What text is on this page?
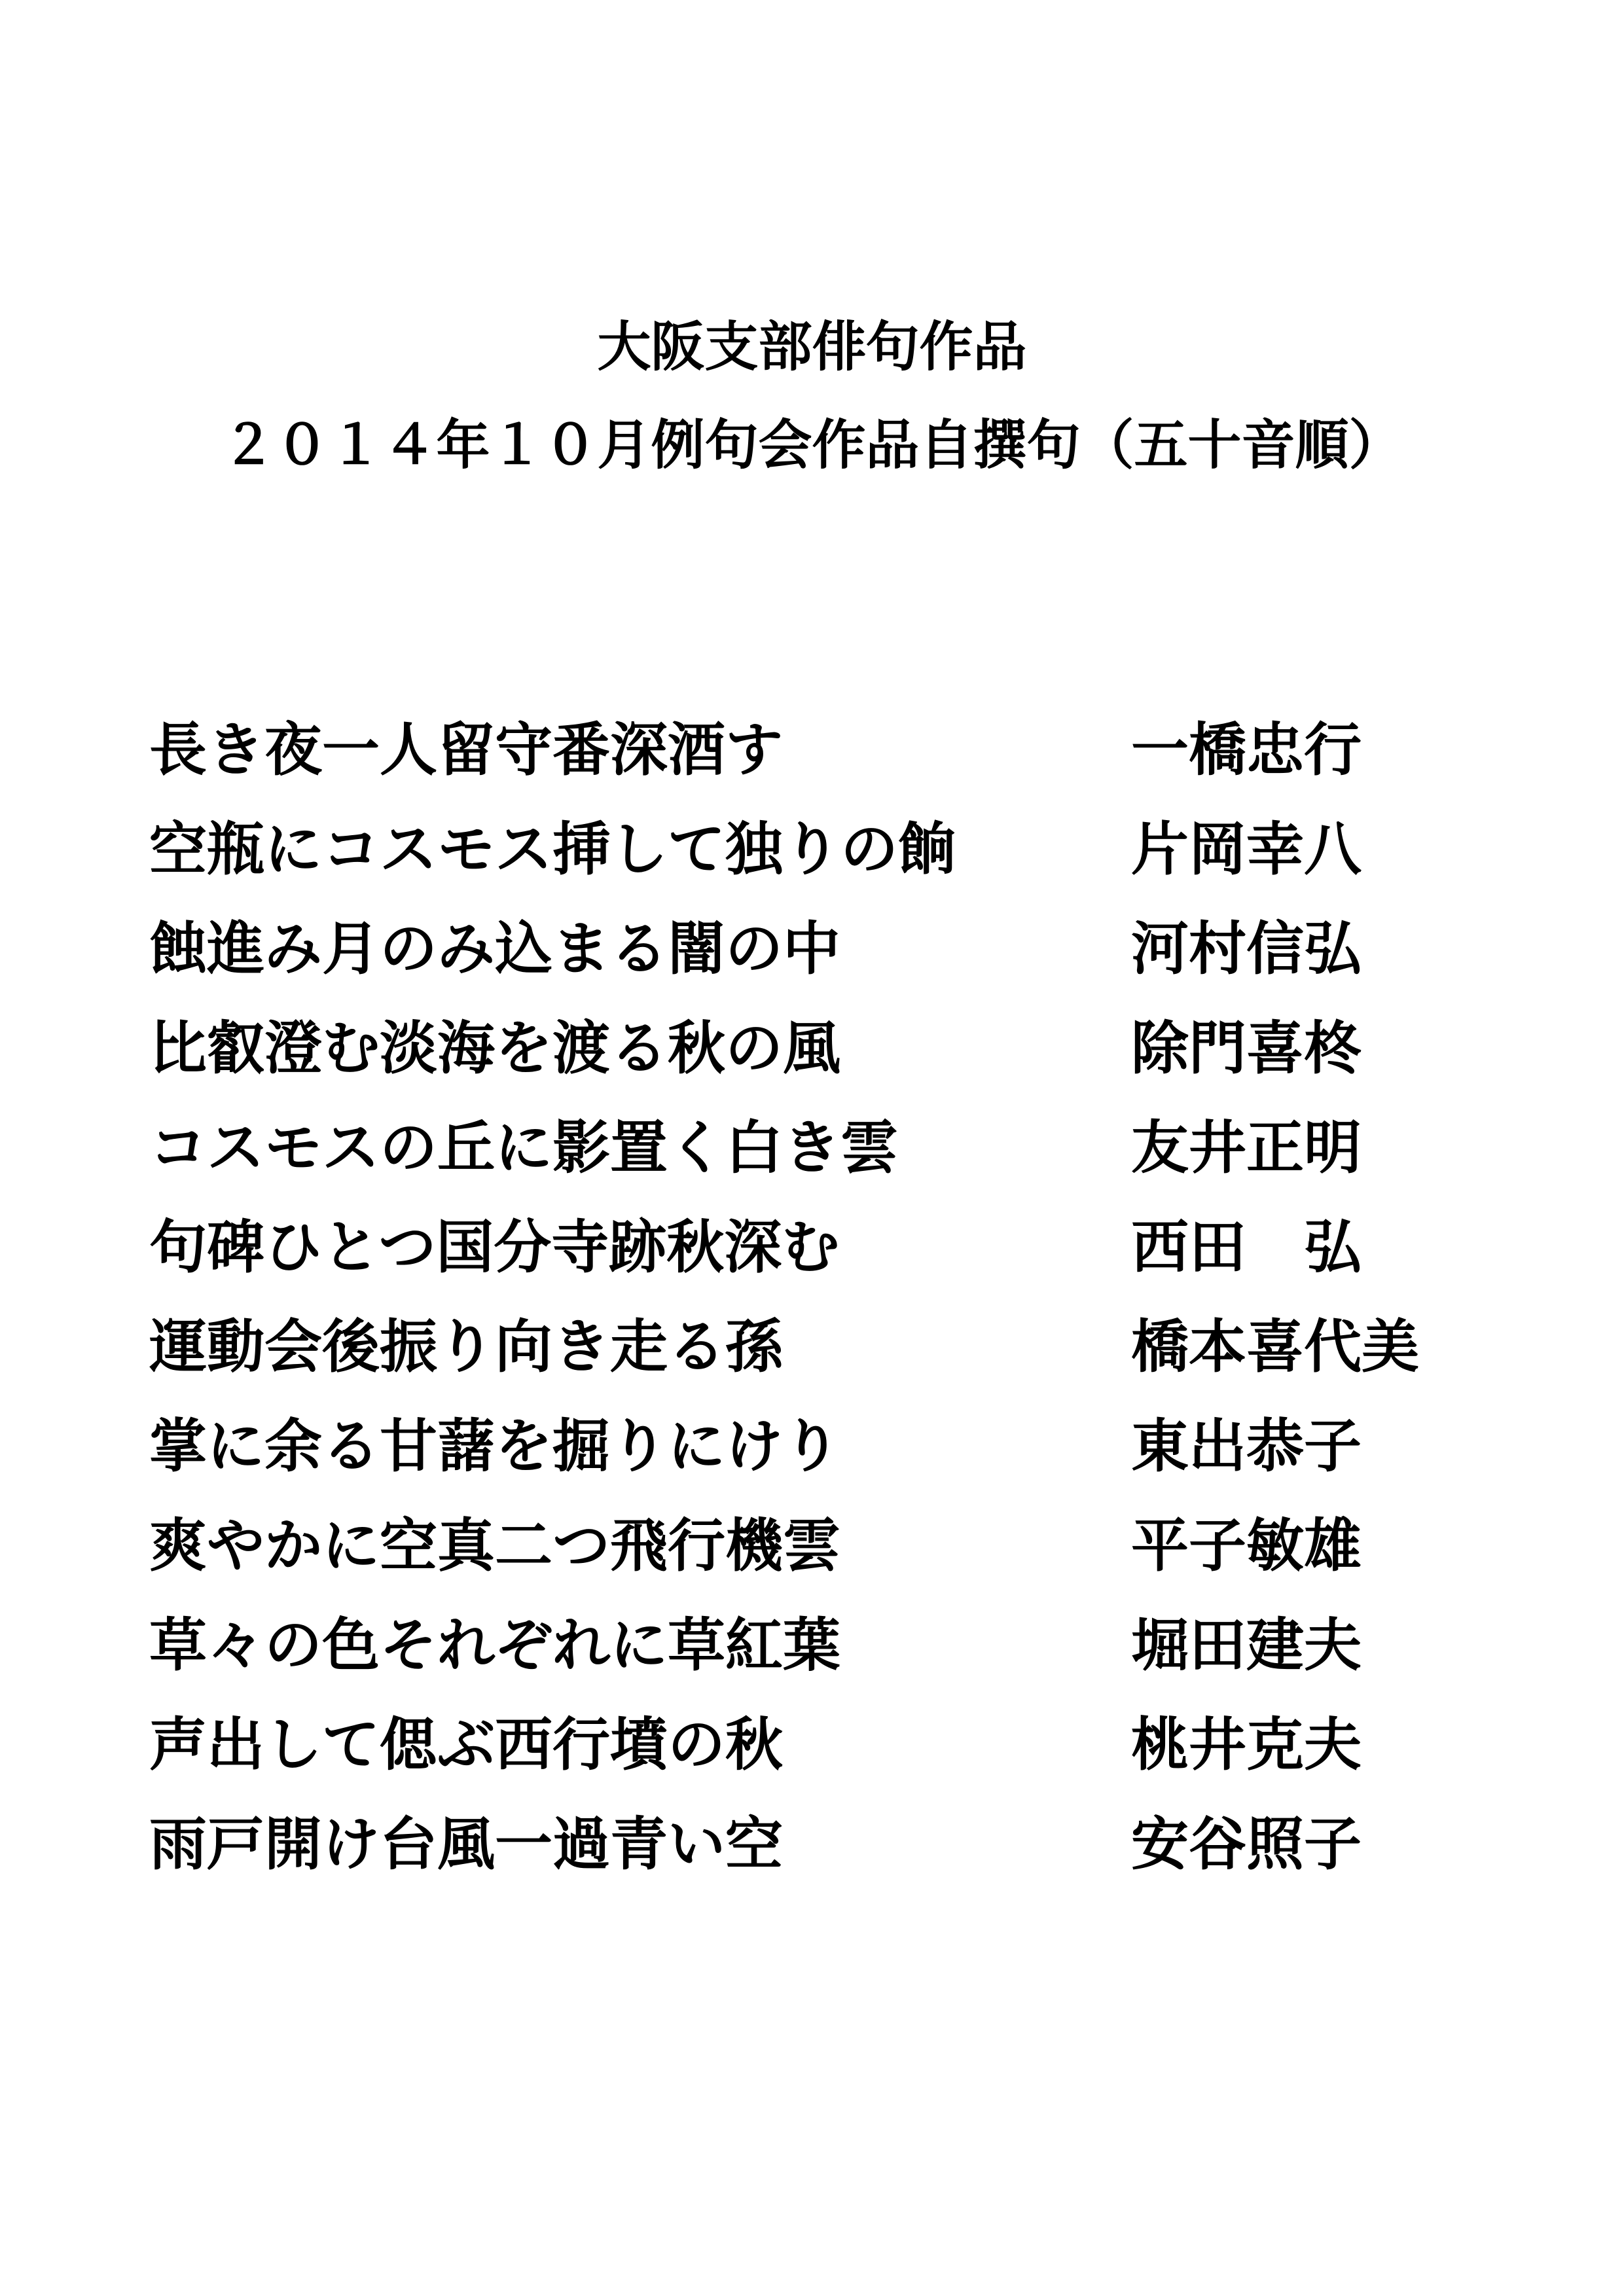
大阪支部俳句作品
２０１４年１０月例句会作品自撰句（五十音順）
長き夜一人留守番深酒す	一橋忠行
空瓶にコスモス挿して独りの餉	片岡幸八
蝕進み月のみ込まる闇の中	河村信弘
比叡澄む淡海を渡る秋の風	除門喜柊
コスモスの丘に影置く白き雲	友井正明
句碑ひとつ国分寺跡秋深む	西田　弘
運動会後振り向き走る孫	橋本喜代美
掌に余る甘藷を掘りにけり	東出恭子
爽やかに空真二つ飛行機雲	平子敏雄
草々の色それぞれに草紅葉	堀田建夫
声出して偲ぶ西行墳の秋	桃井克夫
雨戸開け台風一過青い空	安谷照子
